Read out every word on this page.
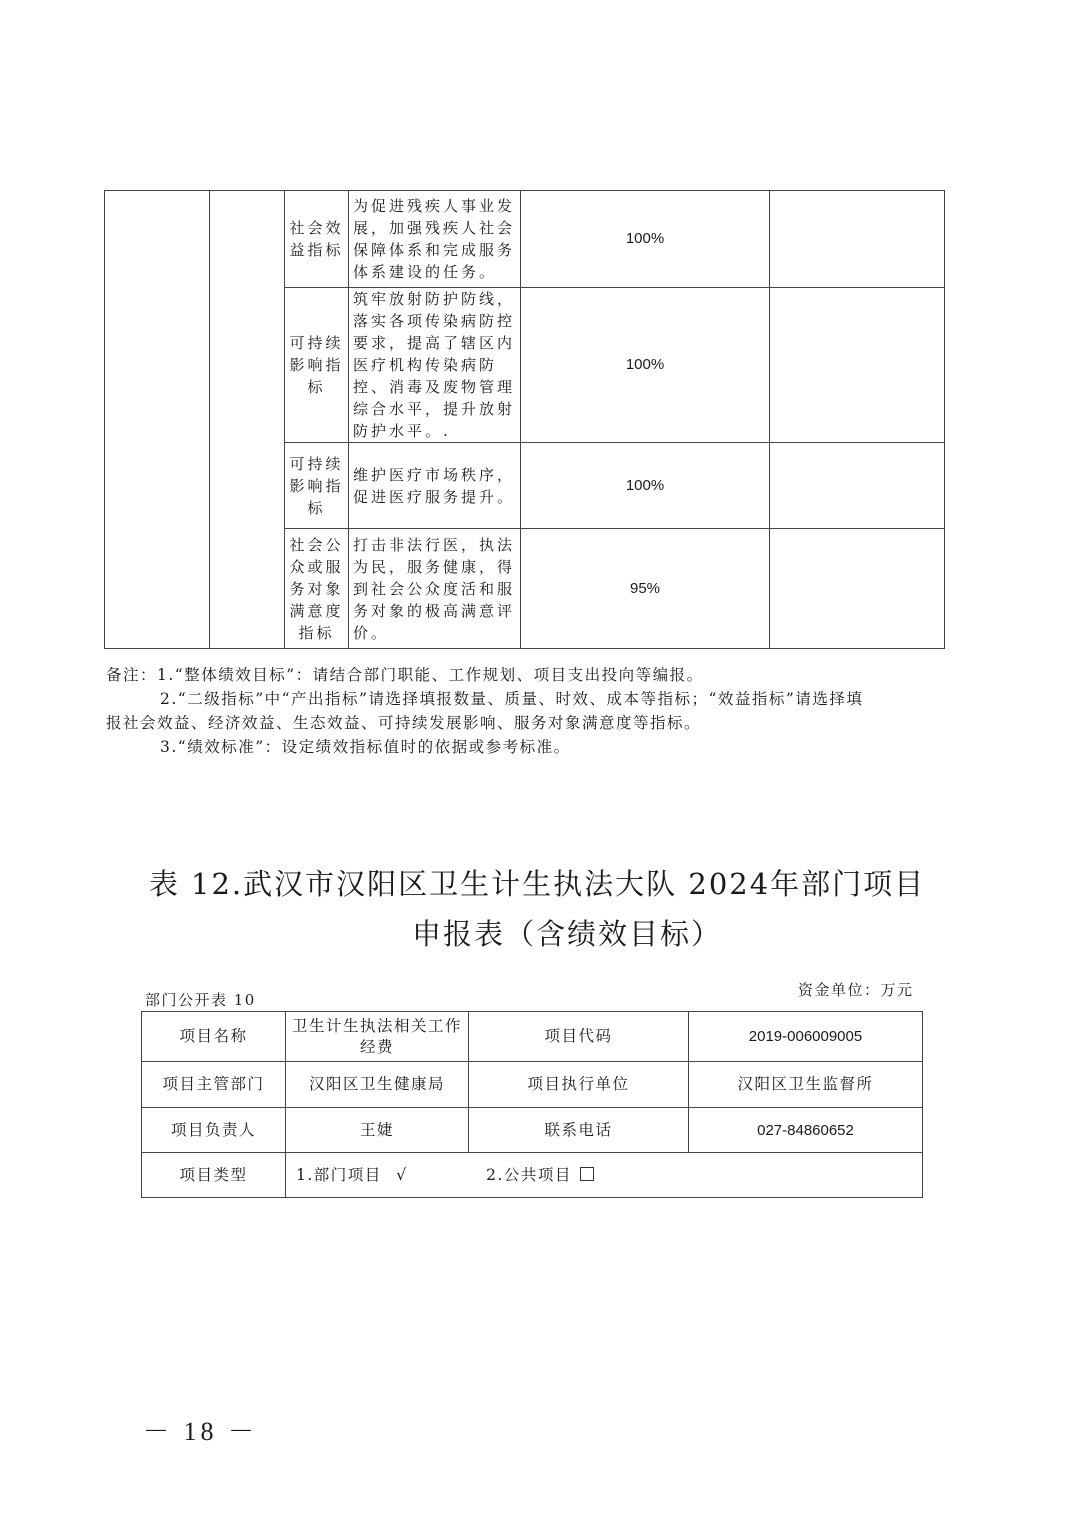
		社会效益指标	为促进残疾人事业发展，加强残疾人社会保障体系和完成服务体系建设的任务。	100%	
		可持续影响指标	筑牢放射防护防线，落实各项传染病防控要求，提高了辖区内医疗机构传染病防控、消毒及废物管理综合水平，提升放射防护水平。.	100%	
		可持续影响指标	维护医疗市场秩序，促进医疗服务提升。	100%	
		社会公众或服务对象满意度指标	打击非法行医，执法为民，服务健康，得到社会公众度活和服务对象的极高满意评价。	95%	
备注：1.“整体绩效目标”：请结合部门职能、工作规划、项目支出投向等编报。
2.“二级指标”中“产出指标”请选择填报数量、质量、时效、成本等指标；“效益指标”请选择填
报社会效益、经济效益、生态效益、可持续发展影响、服务对象满意度等指标。
3.“绩效标准”：设定绩效指标值时的依据或参考标准。
表 12.武汉市汉阳区卫生计生执法大队 2024年部门项目
申报表（含绩效目标）
部门公开表 10
资金单位：万元
项目名称	卫生计生执法相关工作经费	项目代码	2019-006009005
项目主管部门	汉阳区卫生健康局	项目执行单位	汉阳区卫生监督所
项目负责人	王婕	联系电话	027-84860652
项目类型	1.部门项目 √ 2.公共项目		
－ 18 －
